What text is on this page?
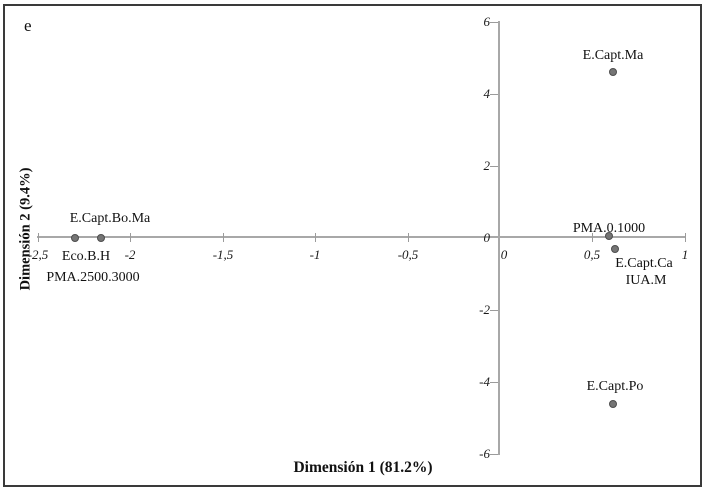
e
Dimensión 2 (9.4%)
Dimensión 1 (81.2%)
-2,5	-2	-1,5	-1	-0,5	0	0,5	1
6
4
2
0
-2
-4
-6
E.Capt.Bo.Ma
Eco.B.H
PMA.2500.3000
E.Capt.Ma
PMA.0.1000
E.Capt.Ca
IUA.M
E.Capt.Po
